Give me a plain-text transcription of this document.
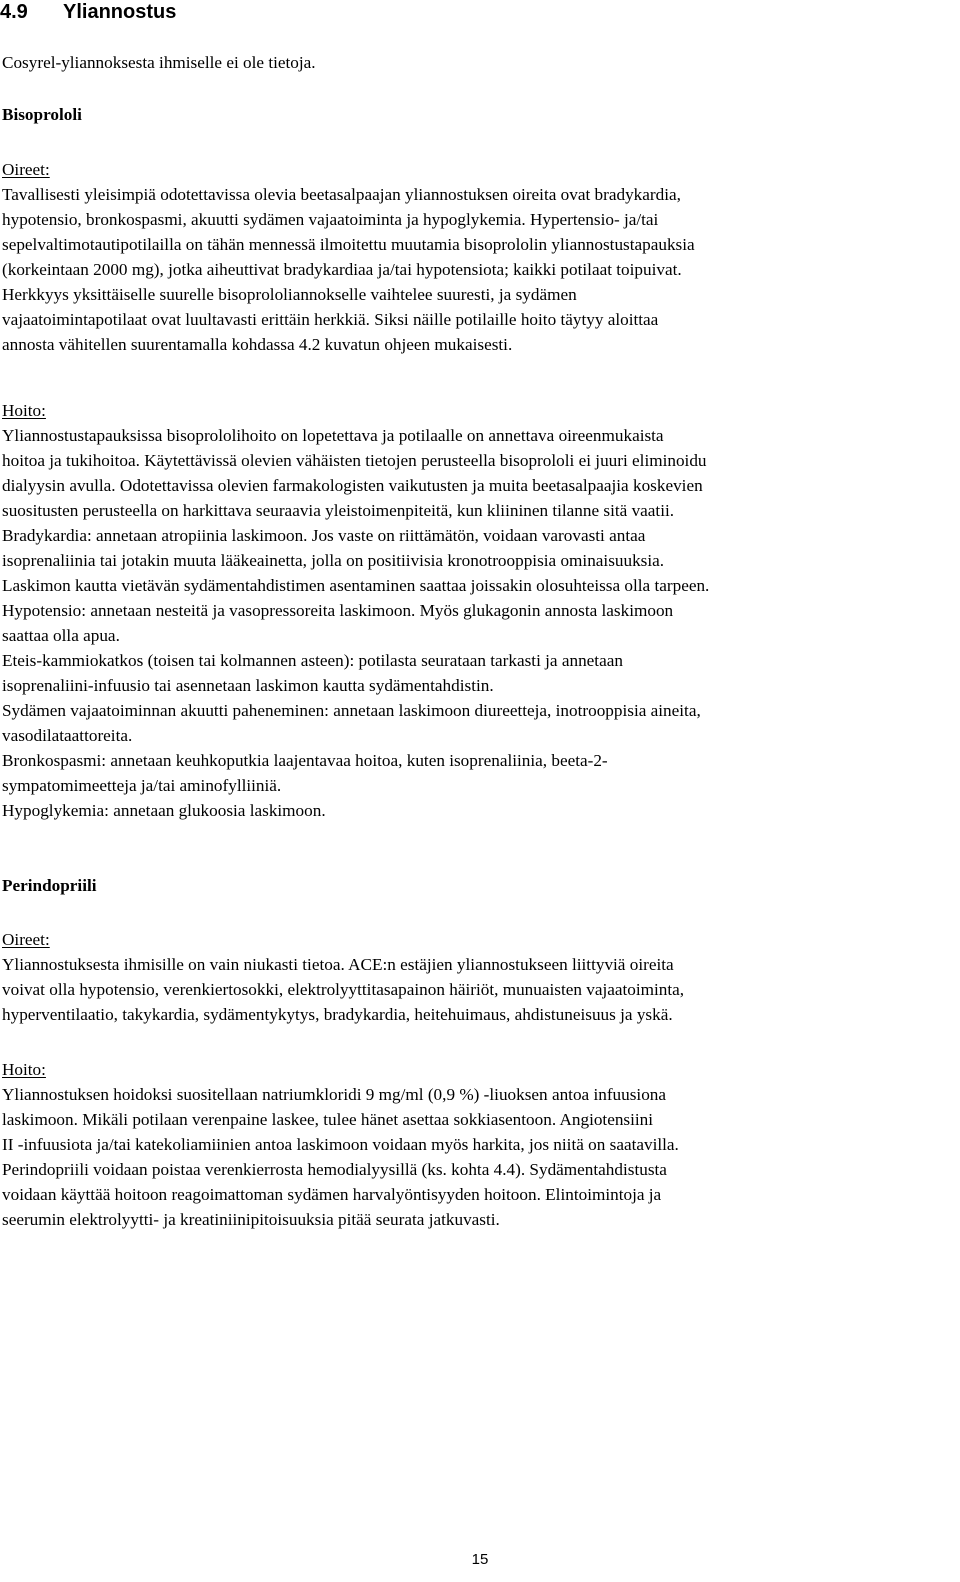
4.9 Yliannostus
Cosyrel-yliannoksesta ihmiselle ei ole tietoja.
Bisoprololi
Oireet:
Tavallisesti yleisimpiä odotettavissa olevia beetasalpaajan yliannostuksen oireita ovat bradykardia,
hypotensio, bronkospasmi, akuutti sydämen vajaatoiminta ja hypoglykemia. Hypertensio- ja/tai
sepelvaltimotautipotilailla on tähän mennessä ilmoitettu muutamia bisoprololin yliannostustapauksia
(korkeintaan 2000 mg), jotka aiheuttivat bradykardiaa ja/tai hypotensiota; kaikki potilaat toipuivat.
Herkkyys yksittäiselle suurelle bisoprololiannokselle vaihtelee suuresti, ja sydämen
vajaatoimintapotilaat ovat luultavasti erittäin herkkiä. Siksi näille potilaille hoito täytyy aloittaa
annosta vähitellen suurentamalla kohdassa 4.2 kuvatun ohjeen mukaisesti.
Hoito:
Yliannostustapauksissa bisoprololihoito on lopetettava ja potilaalle on annettava oireenmukaista
hoitoa ja tukihoitoa. Käytettävissä olevien vähäisten tietojen perusteella bisoprololi ei juuri eliminoidu
dialyysin avulla. Odotettavissa olevien farmakologisten vaikutusten ja muita beetasalpaajia koskevien
suositusten perusteella on harkittava seuraavia yleistoimenpiteitä, kun kliininen tilanne sitä vaatii.
Bradykardia: annetaan atropiinia laskimoon. Jos vaste on riittämätön, voidaan varovasti antaa
isoprenaliinia tai jotakin muuta lääkeainetta, jolla on positiivisia kronotrooppisia ominaisuuksia.
Laskimon kautta vietävän sydämentahdistimen asentaminen saattaa joissakin olosuhteissa olla tarpeen.
Hypotensio: annetaan nesteitä ja vasopressoreita laskimoon. Myös glukagonin annosta laskimoon
saattaa olla apua.
Eteis-kammiokatkos (toisen tai kolmannen asteen): potilasta seurataan tarkasti ja annetaan
isoprenaliini-infuusio tai asennetaan laskimon kautta sydämentahdistin.
Sydämen vajaatoiminnan akuutti paheneminen: annetaan laskimoon diureetteja, inotrooppisia aineita,
vasodilataattoreita.
Bronkospasmi: annetaan keuhkoputkia laajentavaa hoitoa, kuten isoprenaliinia, beeta-2-
sympatomimeetteja ja/tai aminofylliiniä.
Hypoglykemia: annetaan glukoosia laskimoon.
Perindopriili
Oireet:
Yliannostuksesta ihmisille on vain niukasti tietoa. ACE:n estäjien yliannostukseen liittyviä oireita
voivat olla hypotensio, verenkiertosokki, elektrolyyttitasapainon häiriöt, munuaisten vajaatoiminta,
hyperventilaatio, takykardia, sydämentykytys, bradykardia, heitehuimaus, ahdistuneisuus ja yskä.
Hoito:
Yliannostuksen hoidoksi suositellaan natriumkloridi 9 mg/ml (0,9 %) -liuoksen antoa infuusiona
laskimoon. Mikäli potilaan verenpaine laskee, tulee hänet asettaa sokkiasentoon. Angiotensiini
II -infuusiota ja/tai katekoliamiinien antoa laskimoon voidaan myös harkita, jos niitä on saatavilla.
Perindopriili voidaan poistaa verenkierrosta hemodialyysillä (ks. kohta 4.4). Sydämentahdistusta
voidaan käyttää hoitoon reagoimattoman sydämen harvalyöntisyyden hoitoon. Elintoimintoja ja
seerumin elektrolyytti- ja kreatiniinipitoisuuksia pitää seurata jatkuvasti.
15
